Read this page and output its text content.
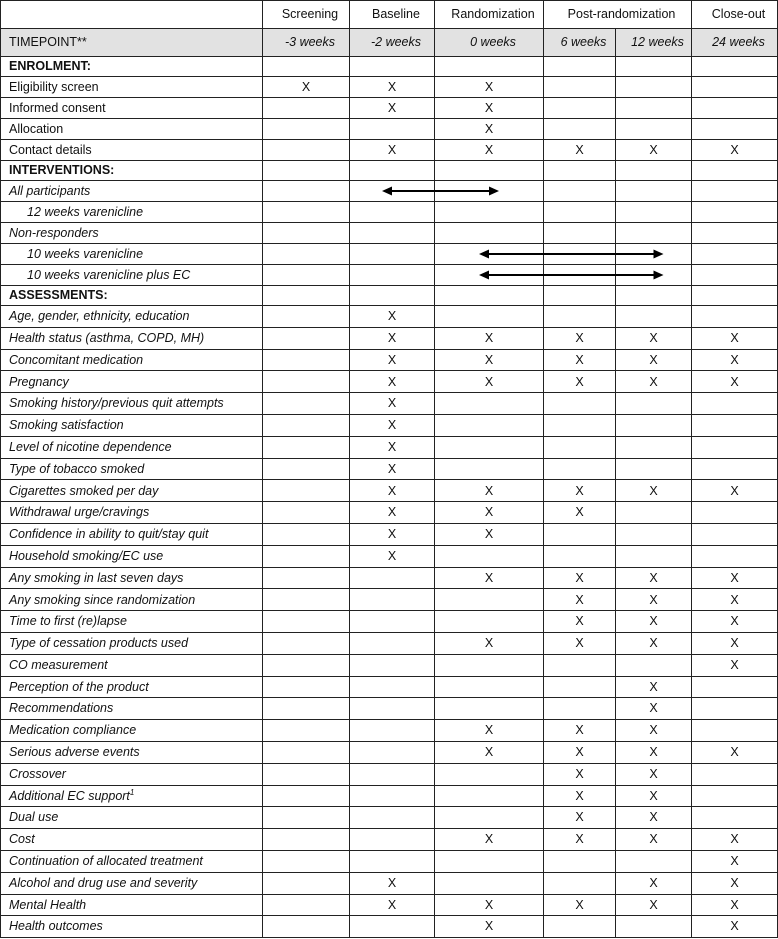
	Screening	Baseline	Randomization	Post-randomization		Close-out
TIMEPOINT**	-3 weeks	-2 weeks	0 weeks	6 weeks	12 weeks	24 weeks
ENROLMENT:						
Eligibility screen	X	X	X			
Informed consent		X	X			
Allocation			X			
Contact details		X	X	X	X	X
INTERVENTIONS:						
All participants						
12 weeks varenicline						
Non-responders						
10 weeks varenicline						
10 weeks varenicline plus EC						
ASSESSMENTS:						
Age, gender, ethnicity, education		X				
Health status (asthma, COPD, MH)		X	X	X	X	X
Concomitant medication		X	X	X	X	X
Pregnancy		X	X	X	X	X
Smoking history/previous quit attempts		X				
Smoking satisfaction		X				
Level of nicotine dependence		X				
Type of tobacco smoked		X				
Cigarettes smoked per day		X	X	X	X	X
Withdrawal urge/cravings		X	X	X		
Confidence in ability to quit/stay quit		X	X			
Household smoking/EC use		X				
Any smoking in last seven days			X	X	X	X
Any smoking since randomization				X	X	X
Time to first (re)lapse				X	X	X
Type of cessation products used			X	X	X	X
CO measurement						X
Perception of the product					X	
Recommendations					X	
Medication compliance			X	X	X	
Serious adverse events			X	X	X	X
Crossover				X	X	
Additional EC support$^1$				X	X	
Dual use				X	X	
Cost			X	X	X	X
Continuation of allocated treatment						X
Alcohol and drug use and severity		X			X	X
Mental Health		X	X	X	X	X
Health outcomes			X			X
